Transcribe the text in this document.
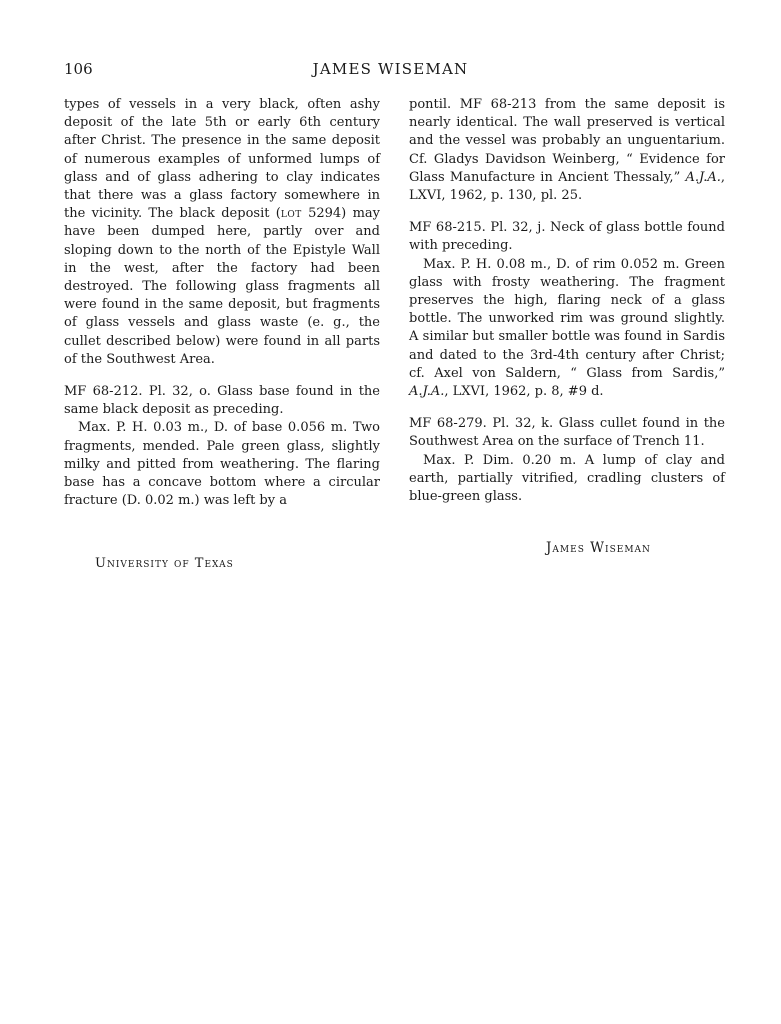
106	JAMES WISEMAN

types of vessels in a very black, often ashy deposit of the late 5th or early 6th century after Christ. The presence in the same deposit of numerous examples of unformed lumps of glass and of glass adhering to clay indicates that there was a glass factory somewhere in the vicinity. The black deposit (lot 5294) may have been dumped here, partly over and sloping down to the north of the Epistyle Wall in the west, after the factory had been destroyed. The following glass fragments all were found in the same deposit, but fragments of glass vessels and glass waste (e. g., the cullet described below) were found in all parts of the Southwest Area.

MF 68-212. Pl. 32, o. Glass base found in the same black deposit as preceding.

Max. P. H. 0.03 m., D. of base 0.056 m. Two fragments, mended. Pale green glass, slightly milky and pitted from weathering. The flaring base has a concave bottom where a circular fracture (D. 0.02 m.) was left by a

pontil. MF 68-213 from the same deposit is nearly identical. The wall preserved is vertical and the vessel was probably an unguentarium. Cf. Gladys Davidson Weinberg, “ Evidence for Glass Manufacture in Ancient Thessaly,” A.J.A., LXVI, 1962, p. 130, pl. 25.

MF 68-215. Pl. 32, j. Neck of glass bottle found with preceding.

Max. P. H. 0.08 m., D. of rim 0.052 m. Green glass with frosty weathering. The fragment preserves the high, flaring neck of a glass bottle. The unworked rim was ground slightly. A similar but smaller bottle was found in Sardis and dated to the 3rd-4th century after Christ; cf. Axel von Saldern, “ Glass from Sardis,” A.J.A., LXVI, 1962, p. 8, #9 d.

MF 68-279. Pl. 32, k. Glass cullet found in the Southwest Area on the surface of Trench 11.

Max. P. Dim. 0.20 m. A lump of clay and earth, partially vitrified, cradling clusters of blue-green glass.

James Wiseman
University of Texas
